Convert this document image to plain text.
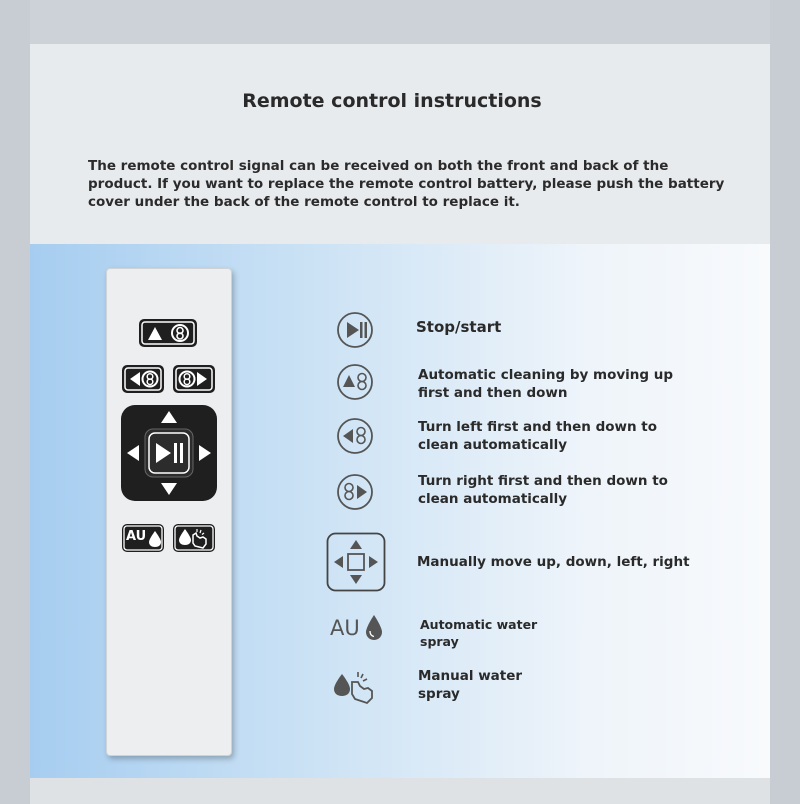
Remote control instructions
The remote control signal can be received on both the front and back of the product. If you want to replace the remote control battery, please push the battery cover under the back of the remote control to replace it.
AU
Stop/start
Automatic cleaning by moving up first and then down
Turn left first and then down to clean automatically
Turn right first and then down to clean automatically
Manually move up, down, left, right
AU	Automatic water spray
Manual water spray
